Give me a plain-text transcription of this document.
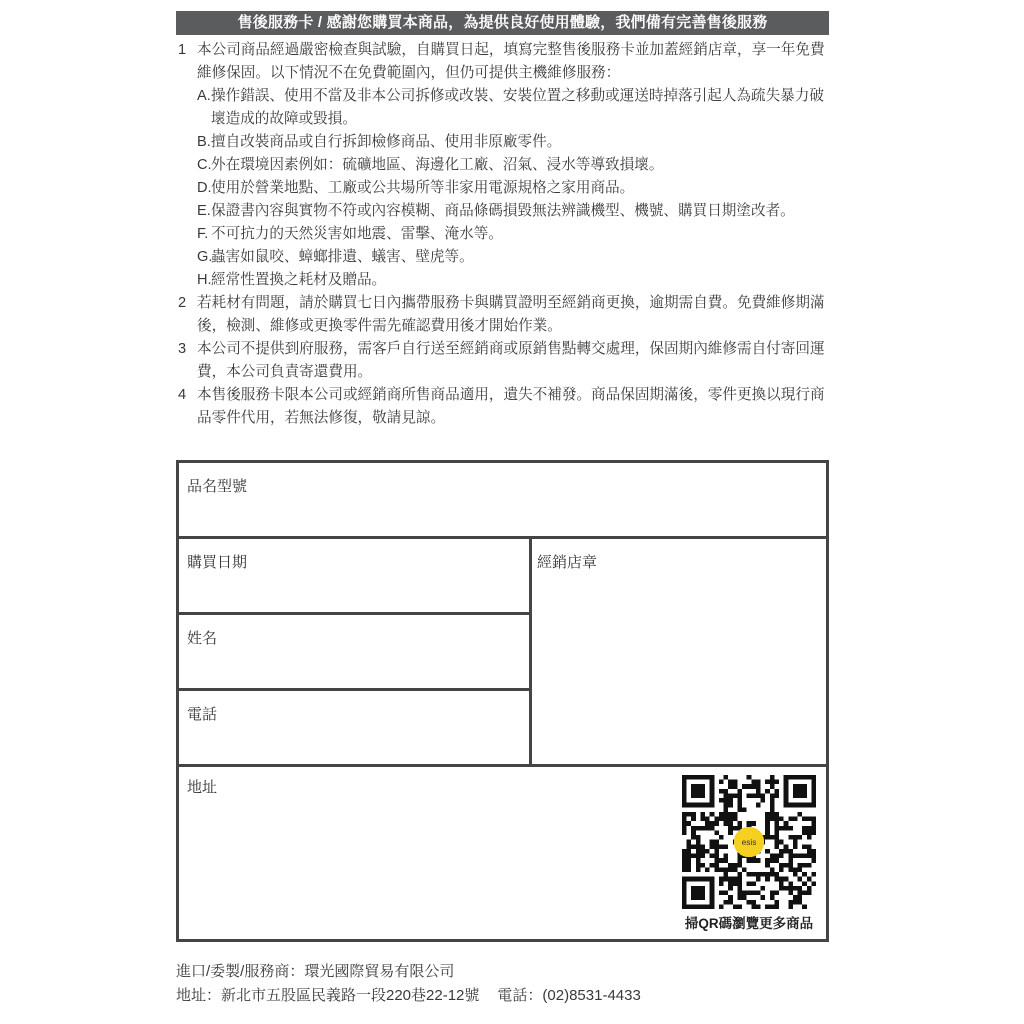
售後服務卡 / 感謝您購買本商品，為提供良好使用體驗，我們備有完善售後服務
1 本公司商品經過嚴密檢查與試驗，自購買日起，填寫完整售後服務卡並加蓋經銷店章，享一年免費維修保固。以下情況不在免費範圍內，但仍可提供主機維修服務：
A. 操作錯誤、使用不當及非本公司拆修或改裝、安裝位置之移動或運送時掉落引起人為疏失暴力破壞造成的故障或毀損。
B. 擅自改裝商品或自行拆卸檢修商品、使用非原廠零件。
C. 外在環境因素例如：硫礦地區、海邊化工廠、沼氣、浸水等導致損壞。
D. 使用於營業地點、工廠或公共場所等非家用電源規格之家用商品。
E. 保證書內容與實物不符或內容模糊、商品條碼損毀無法辨識機型、機號、購買日期塗改者。
F. 不可抗力的天然災害如地震、雷擊、淹水等。
G.
蟲害如鼠咬、蟑螂排遺、蟻害、壁虎等。
H. 經常性置換之耗材及贈品。
2 若耗材有問題，請於購買七日內攜帶服務卡與購買證明至經銷商更換，逾期需自費。免費維修期滿後，檢測、維修或更換零件需先確認費用後才開始作業。
3 本公司不提供到府服務，需客戶自行送至經銷商或原銷售點轉交處理，保固期內維修需自付寄回運費，本公司負責寄還費用。
4 本售後服務卡限本公司或經銷商所售商品適用，遺失不補發。商品保固期滿後，零件更換以現行商品零件代用，若無法修復，敬請見諒。
品名型號
購買日期
姓名
電話
經銷店章
地址
esis
掃QR碼瀏覽更多商品
進口/委製/服務商：環光國際貿易有限公司
地址：新北市五股區民義路一段220巷22-12號 電話：(02)8531-4433
